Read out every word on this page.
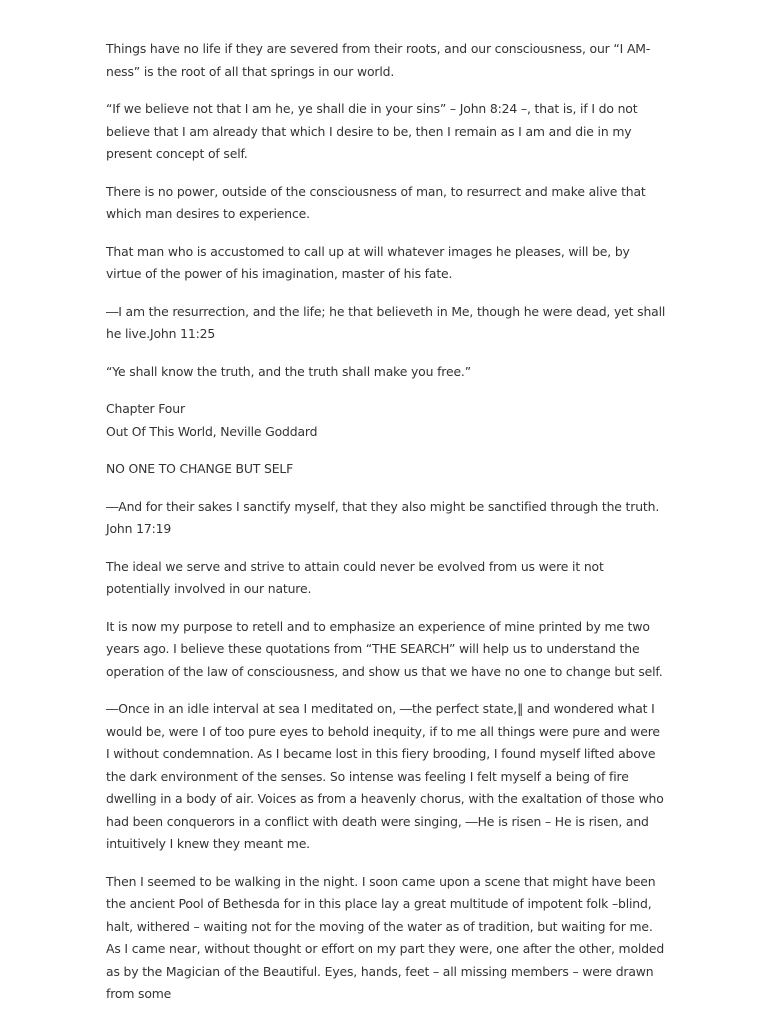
Things have no life if they are severed from their roots, and our consciousness, our “I AM-ness” is the root of all that springs in our world.

“If we believe not that I am he, ye shall die in your sins” – John 8:24 –, that is, if I do not believe that I am already that which I desire to be, then I remain as I am and die in my present concept of self.

There is no power, outside of the consciousness of man, to resurrect and make alive that which man desires to experience.

That man who is accustomed to call up at will whatever images he pleases, will be, by virtue of the power of his imagination, master of his fate.

―I am the resurrection, and the life; he that believeth in Me, though he were dead, yet shall he live.John 11:25

“Ye shall know the truth, and the truth shall make you free.”

Chapter Four
Out Of This World, Neville Goddard

NO ONE TO CHANGE BUT SELF

―And for their sakes I sanctify myself, that they also might be sanctified through the truth. John 17:19

The ideal we serve and strive to attain could never be evolved from us were it not potentially involved in our nature.

It is now my purpose to retell and to emphasize an experience of mine printed by me two years ago. I believe these quotations from “THE SEARCH” will help us to understand the operation of the law of consciousness, and show us that we have no one to change but self.

―Once in an idle interval at sea I meditated on, ―the perfect state,‖ and wondered what I would be, were I of too pure eyes to behold inequity, if to me all things were pure and were I without condemnation. As I became lost in this fiery brooding, I found myself lifted above the dark environment of the senses. So intense was feeling I felt myself a being of fire dwelling in a body of air. Voices as from a heavenly chorus, with the exaltation of those who had been conquerors in a conflict with death were singing, ―He is risen – He is risen, and intuitively I knew they meant me.

Then I seemed to be walking in the night. I soon came upon a scene that might have been the ancient Pool of Bethesda for in this place lay a great multitude of impotent folk –blind, halt, withered – waiting not for the moving of the water as of tradition, but waiting for me. As I came near, without thought or effort on my part they were, one after the other, molded as by the Magician of the Beautiful. Eyes, hands, feet – all missing members – were drawn from some
